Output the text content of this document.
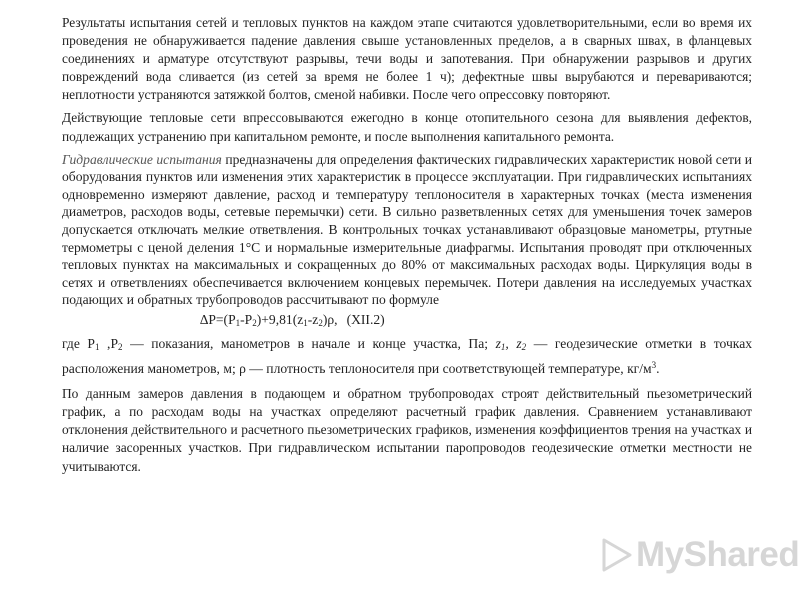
Результаты испытания сетей и тепловых пунктов на каждом этапе считаются удовлетворительными, если во время их проведения не обнаруживается падение давления свыше установленных пределов, а в сварных швах, в фланцевых соединениях и арматуре отсутствуют разрывы, течи воды и запотевания. При обнаружении разрывов и других повреждений вода сливается (из сетей за время не более 1 ч); дефектные швы вырубаются и перевариваются; неплотности устраняются затяжкой болтов, сменой набивки. После чего опрессовку повторяют.

Действующие тепловые сети впрессовываются ежегодно в конце отопительного сезона для выявления дефектов, подлежащих устранению при капитальном ремонте, и после выполнения капитального ремонта.

Гидравлические испытания предназначены для определения фактических гидравлических характеристик новой сети и оборудования пунктов или изменения этих характеристик в процессе эксплуатации. При гидравлических испытаниях одновременно измеряют давление, расход и температуру теплоносителя в характерных точках (места изменения диаметров, расходов воды, сетевые перемычки) сети. В сильно разветвленных сетях для уменьшения точек замеров допускается отключать мелкие ответвления. В контрольных точках устанавливают образцовые манометры, ртутные термометры с ценой деления 1°С и нормальные измерительные диафрагмы. Испытания проводят при отключенных тепловых пунктах на максимальных и сокращенных до 80% от максимальных расходах воды. Циркуляция воды в сетях и ответвлениях обеспечивается включением концевых перемычек. Потери давления на исследуемых участках подающих и обратных трубопроводов рассчитывают по формуле

$\Delta P=(P_1-P_2)+9,81(z_1-z_2)\rho$, (XII.2)

где $P_1$ $,P_2$ — показания, манометров в начале и конце участка, Па; $z_1$, $z_2$ — геодезические отметки в точках расположения манометров, м; ρ — плотность теплоносителя при соответствующей температуре, $кг/м^3$.

По данным замеров давления в подающем и обратном трубопроводах строят действительный пьезометрический график, а по расходам воды на участках определяют расчетный график давления. Сравнением устанавливают отклонения действительного и расчетного пьезометрических графиков, изменения коэффициентов трения на участках и наличие засоренных участков. При гидравлическом испытании паропроводов геодезические отметки местности не учитываются.

MyShared
